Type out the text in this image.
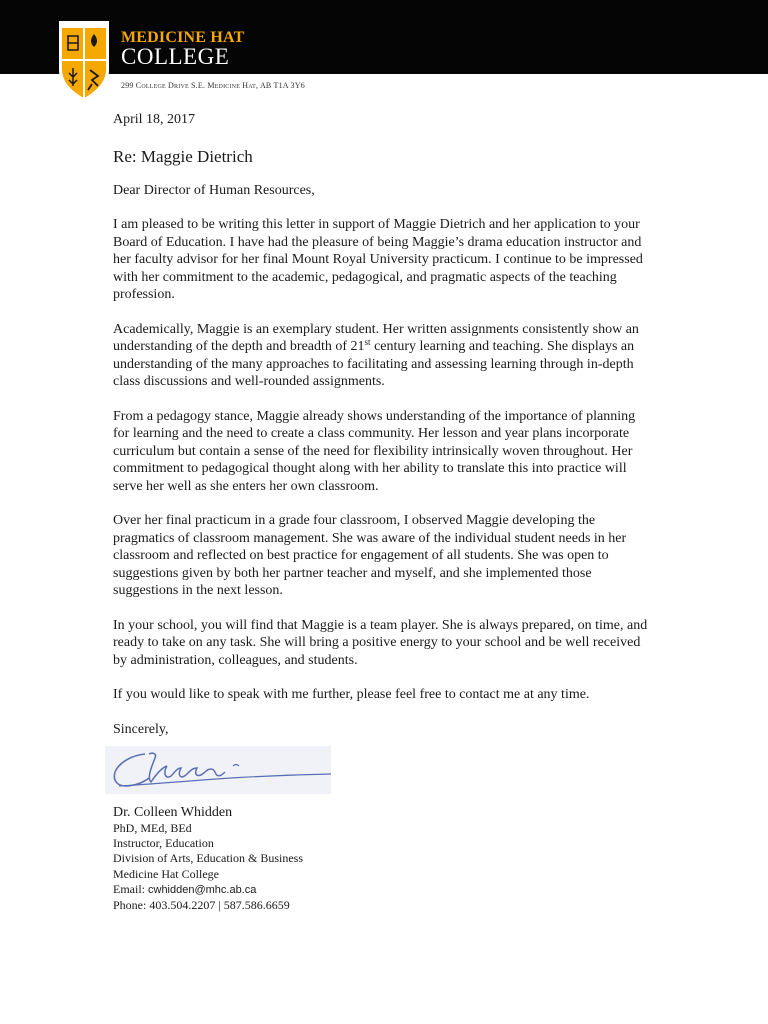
MEDICINE HAT
COLLEGE
299 College Drive S.E. Medicine Hat, AB T1A 3Y6

April 18, 2017

Re: Maggie Dietrich

Dear Director of Human Resources,

I am pleased to be writing this letter in support of Maggie Dietrich and her application to your Board of Education. I have had the pleasure of being Maggie’s drama education instructor and her faculty advisor for her final Mount Royal University practicum. I continue to be impressed with her commitment to the academic, pedagogical, and pragmatic aspects of the teaching profession.

Academically, Maggie is an exemplary student. Her written assignments consistently show an understanding of the depth and breadth of 21st century learning and teaching. She displays an understanding of the many approaches to facilitating and assessing learning through in-depth class discussions and well-rounded assignments.

From a pedagogy stance, Maggie already shows understanding of the importance of planning for learning and the need to create a class community. Her lesson and year plans incorporate curriculum but contain a sense of the need for flexibility intrinsically woven throughout. Her commitment to pedagogical thought along with her ability to translate this into practice will serve her well as she enters her own classroom.

Over her final practicum in a grade four classroom, I observed Maggie developing the pragmatics of classroom management. She was aware of the individual student needs in her classroom and reflected on best practice for engagement of all students. She was open to suggestions given by both her partner teacher and myself, and she implemented those suggestions in the next lesson.

In your school, you will find that Maggie is a team player. She is always prepared, on time, and ready to take on any task. She will bring a positive energy to your school and be well received by administration, colleagues, and students.

If you would like to speak with me further, please feel free to contact me at any time.

Sincerely,

Dr. Colleen Whidden

PhD, MEd, BEd

Instructor, Education

Division of Arts, Education & Business

Medicine Hat College

Email: cwhidden@mhc.ab.ca

Phone: 403.504.2207 | 587.586.6659
